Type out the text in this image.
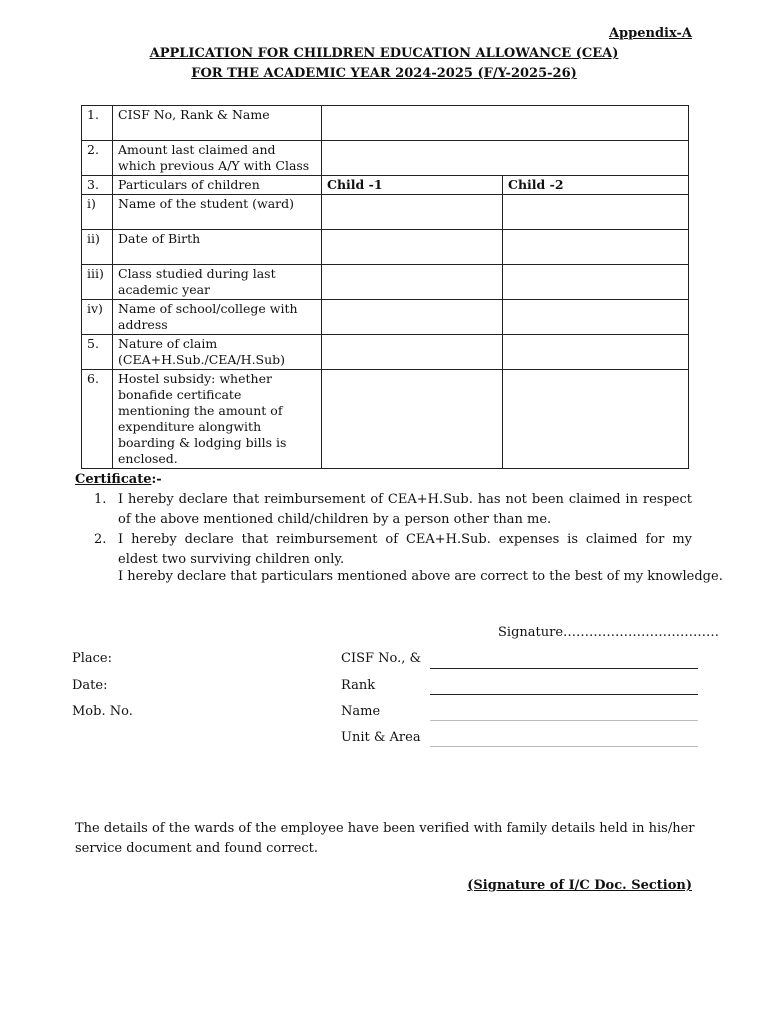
Appendix-A
APPLICATION FOR CHILDREN EDUCATION ALLOWANCE (CEA)
FOR THE ACADEMIC YEAR 2024-2025 (F/Y-2025-26)
1.	CISF No, Rank & Name		
2.	Amount last claimed and which previous A/Y with Class		
3.	Particulars of children	Child -1	Child -2
i)	Name of the student (ward)		
ii)	Date of Birth		
iii)	Class studied during last academic year		
iv)	Name of school/college with address		
5.	Nature of claim (CEA+H.Sub./CEA/H.Sub)		
6.	Hostel subsidy: whether bonafide certificate mentioning the amount of expenditure alongwith boarding & lodging bills is enclosed.		
Certificate:-
1. I hereby declare that reimbursement of CEA+H.Sub. has not been claimed in respect of the above mentioned child/children by a person other than me.
2. I hereby declare that reimbursement of CEA+H.Sub. expenses is claimed for my eldest two surviving children only.
I hereby declare that particulars mentioned above are correct to the best of my knowledge.
Signature………………………………
Place:
Date:
Mob. No.
CISF No., &
Rank
Name
Unit & Area
The details of the wards of the employee have been verified with family details held in his/her service document and found correct.
(Signature of I/C Doc. Section)
